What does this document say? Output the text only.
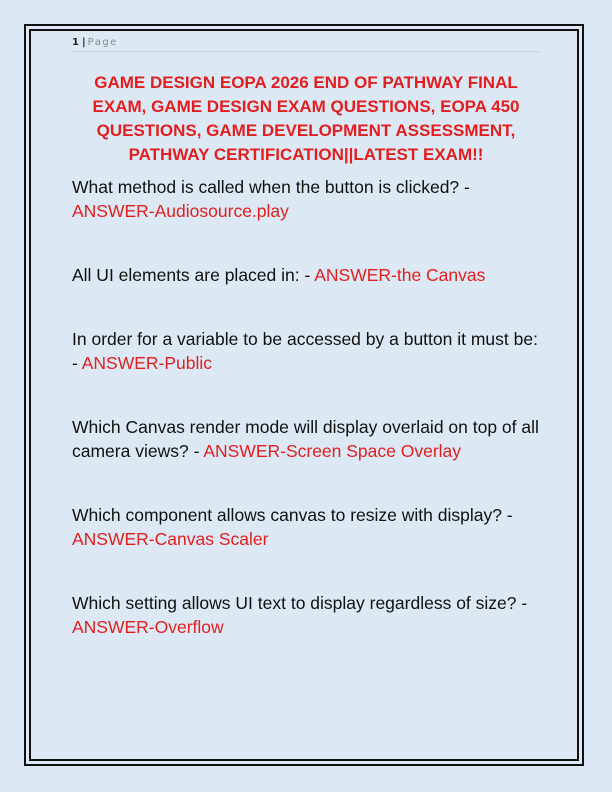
1 | Page
GAME DESIGN EOPA 2026 END OF PATHWAY FINAL EXAM, GAME DESIGN EXAM QUESTIONS, EOPA 450 QUESTIONS, GAME DEVELOPMENT ASSESSMENT, PATHWAY CERTIFICATION||LATEST EXAM!!

What method is called when the button is clicked? - ANSWER-Audiosource.play

All UI elements are placed in: - ANSWER-the Canvas

In order for a variable to be accessed by a button it must be: - ANSWER-Public

Which Canvas render mode will display overlaid on top of all camera views? - ANSWER-Screen Space Overlay

Which component allows canvas to resize with display? - ANSWER-Canvas Scaler

Which setting allows UI text to display regardless of size? - ANSWER-Overflow
